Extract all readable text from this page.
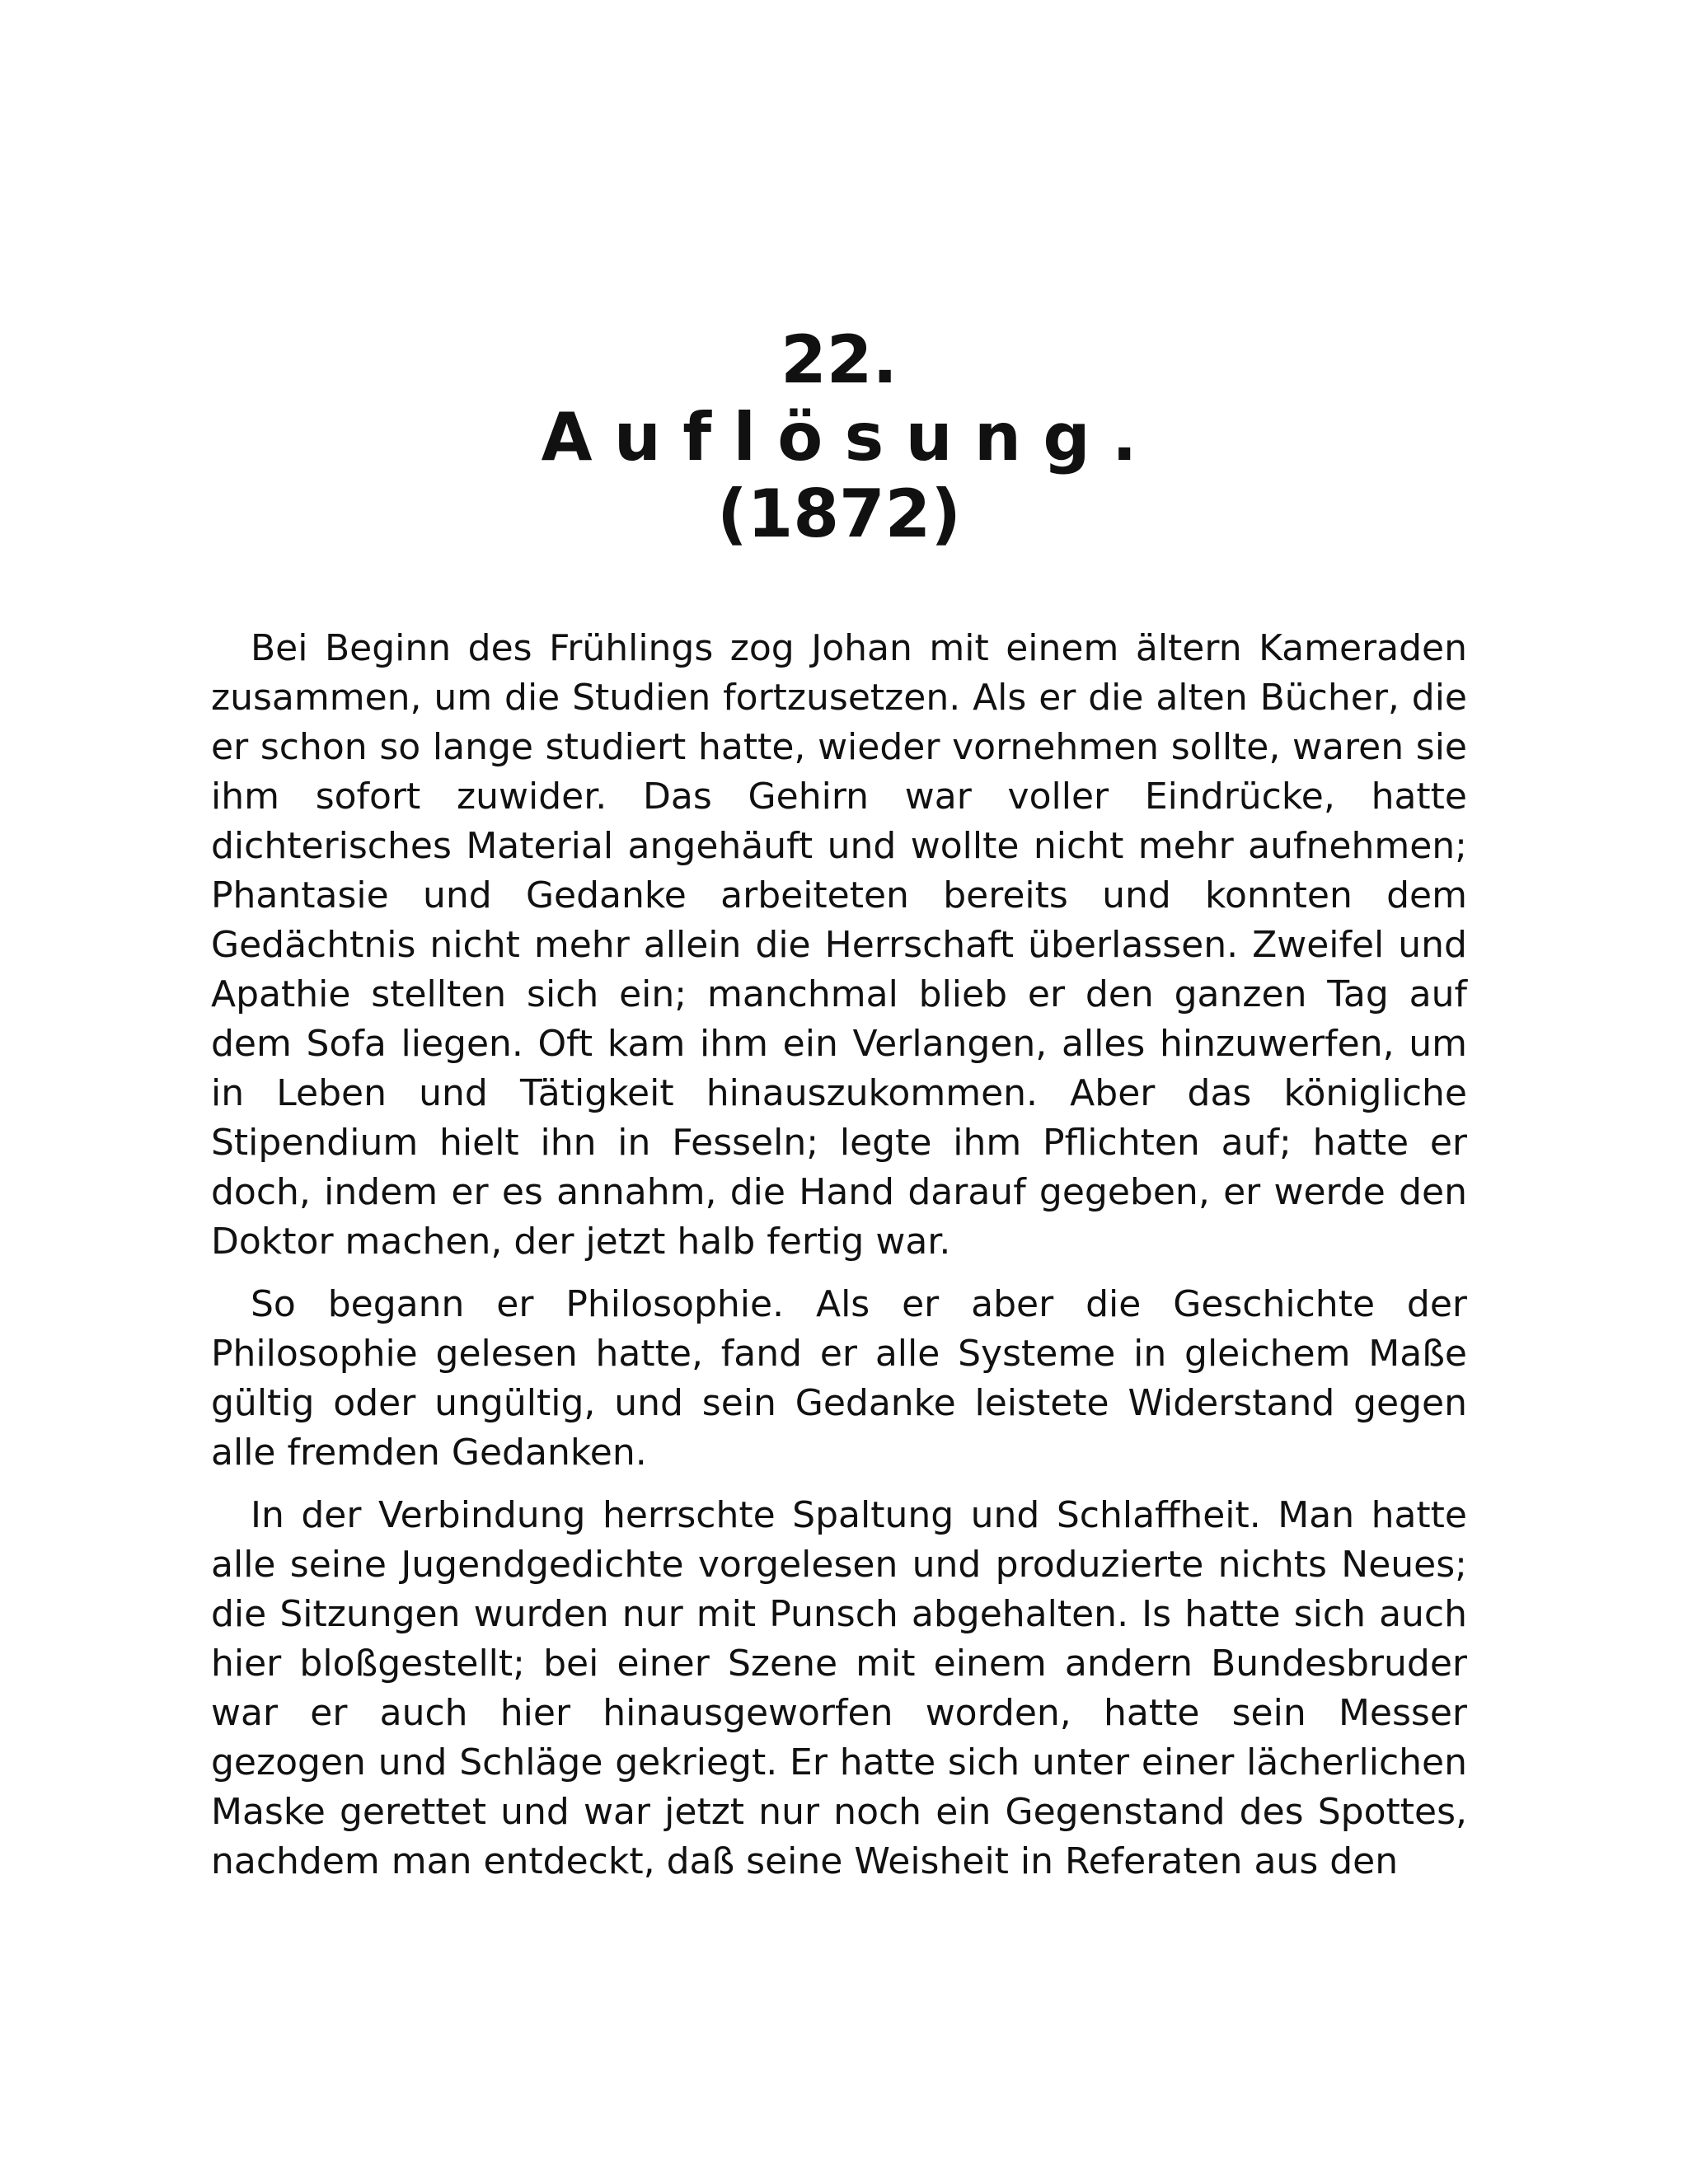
22.
Auflösung.
(1872)

Bei Beginn des Frühlings zog Johan mit einem ältern Kameraden zusammen, um die Studien fortzusetzen. Als er die alten Bücher, die er schon so lange studiert hatte, wieder vornehmen sollte, waren sie ihm sofort zuwider. Das Gehirn war voller Eindrücke, hatte dichterisches Material angehäuft und wollte nicht mehr aufnehmen; Phantasie und Gedanke arbeiteten bereits und konnten dem Gedächtnis nicht mehr allein die Herrschaft überlassen. Zweifel und Apathie stellten sich ein; manchmal blieb er den ganzen Tag auf dem Sofa liegen. Oft kam ihm ein Verlangen, alles hinzuwerfen, um in Leben und Tätigkeit hinauszukommen. Aber das königliche Stipendium hielt ihn in Fesseln; legte ihm Pflichten auf; hatte er doch, indem er es annahm, die Hand darauf gegeben, er werde den Doktor machen, der jetzt halb fertig war.

So begann er Philosophie. Als er aber die Geschichte der Philosophie gelesen hatte, fand er alle Systeme in gleichem Maße gültig oder ungültig, und sein Gedanke leistete Widerstand gegen alle fremden Gedanken.

In der Verbindung herrschte Spaltung und Schlaffheit. Man hatte alle seine Jugendgedichte vorgelesen und produzierte nichts Neues; die Sitzungen wurden nur mit Punsch abgehalten. Is hatte sich auch hier bloßgestellt; bei einer Szene mit einem andern Bundesbruder war er auch hier hinausgeworfen worden, hatte sein Messer gezogen und Schläge gekriegt. Er hatte sich unter einer lächerlichen Maske gerettet und war jetzt nur noch ein Gegenstand des Spottes, nachdem man entdeckt, daß seine Weisheit in Referaten aus den
